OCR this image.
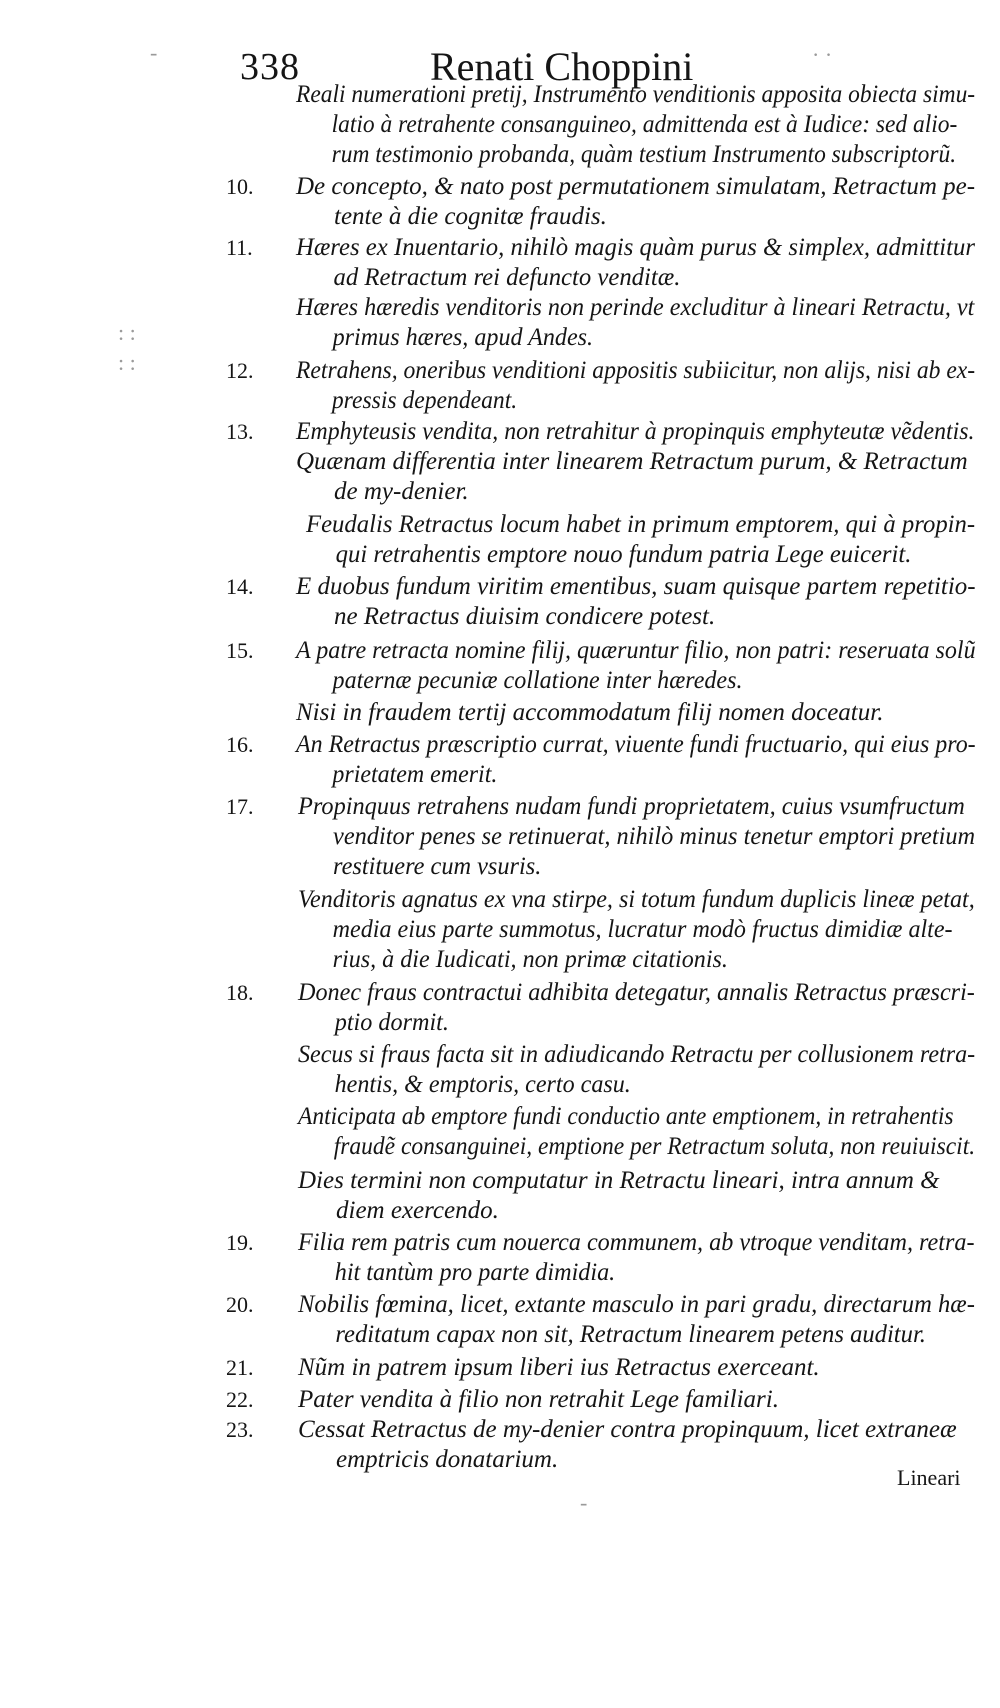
338	Renati Choppini
-	· ·
Reali numerationi pretij, Instrumento venditionis apposita obiecta simu-
latio à retrahente consanguineo, admittenda est à Iudice: sed alio-
rum testimonio probanda, quàm testium Instrumento subscriptorũ.
10. De concepto, & nato post permutationem simulatam, Retractum pe-
tente à die cognitæ fraudis.
11. Hæres ex Inuentario, nihilò magis quàm purus & simplex, admittitur
ad Retractum rei defuncto venditæ.
Hæres hæredis venditoris non perinde excluditur à lineari Retractu, vt
primus hæres, apud Andes.
12. Retrahens, oneribus venditioni appositis subiicitur, non alijs, nisi ab ex-
pressis dependeant.
13. Emphyteusis vendita, non retrahitur à propinquis emphyteutæ vẽdentis.
Quænam differentia inter linearem Retractum purum, & Retractum
de my-denier.
Feudalis Retractus locum habet in primum emptorem, qui à propin-
qui retrahentis emptore nouo fundum patria Lege euicerit.
14. E duobus fundum viritim ementibus, suam quisque partem repetitio-
ne Retractus diuisim condicere potest.
15. A patre retracta nomine filij, quæruntur filio, non patri: reseruata solũ
paternæ pecuniæ collatione inter hæredes.
Nisi in fraudem tertij accommodatum filij nomen doceatur.
16. An Retractus præscriptio currat, viuente fundi fructuario, qui eius pro-
prietatem emerit.
17. Propinquus retrahens nudam fundi proprietatem, cuius vsumfructum
venditor penes se retinuerat, nihilò minus tenetur emptori pretium
restituere cum vsuris.
Venditoris agnatus ex vna stirpe, si totum fundum duplicis lineæ petat,
media eius parte summotus, lucratur modò fructus dimidiæ alte-
rius, à die Iudicati, non primæ citationis.
18. Donec fraus contractui adhibita detegatur, annalis Retractus præscri-
ptio dormit.
Secus si fraus facta sit in adiudicando Retractu per collusionem retra-
hentis, & emptoris, certo casu.
Anticipata ab emptore fundi conductio ante emptionem, in retrahentis
fraudẽ consanguinei, emptione per Retractum soluta, non reuiuiscit.
Dies termini non computatur in Retractu lineari, intra annum &
diem exercendo.
19. Filia rem patris cum nouerca communem, ab vtroque venditam, retra-
hit tantùm pro parte dimidia.
20. Nobilis fœmina, licet, extante masculo in pari gradu, directarum hæ-
reditatum capax non sit, Retractum linearem petens auditur.
21. Nũm in patrem ipsum liberi ius Retractus exerceant.
22. Pater vendita à filio non retrahit Lege familiari.
23. Cessat Retractus de my-denier contra propinquum, licet extraneæ
emptricis donatarium.
Lineari
: :
: :
-
